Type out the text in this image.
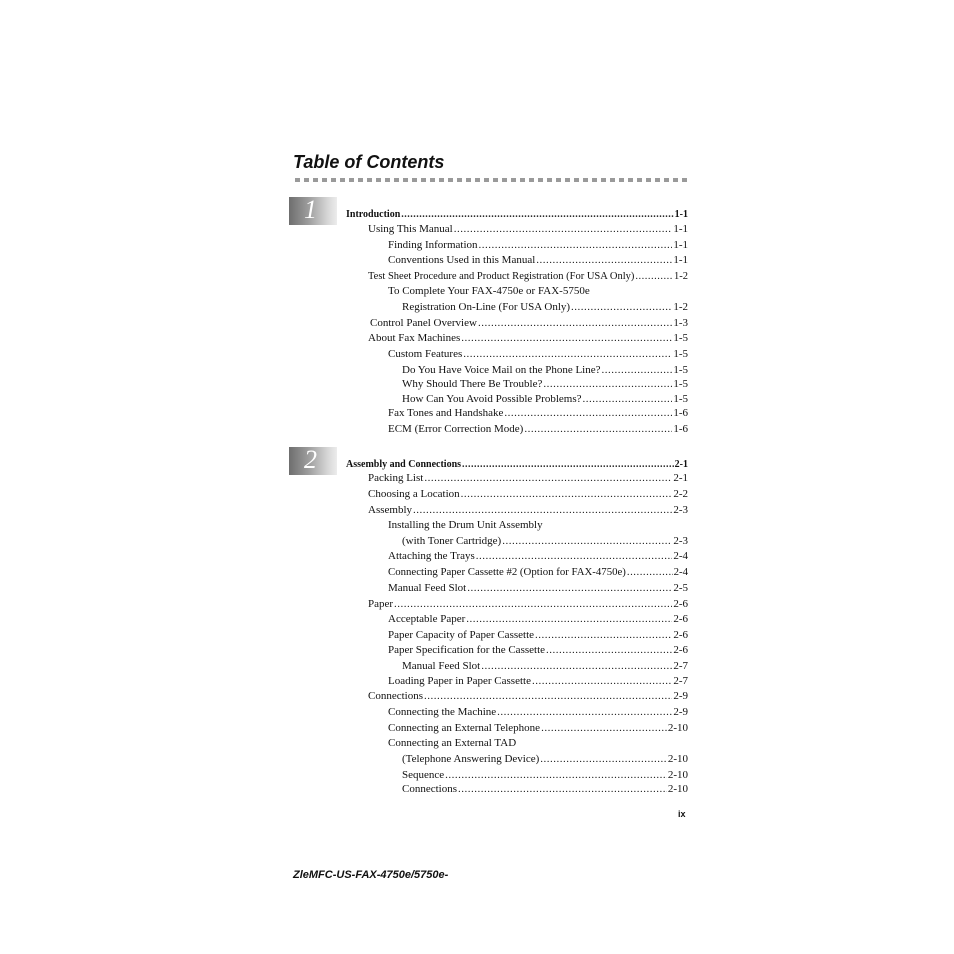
Table of Contents
1
2
Introduction .....	1-1
Using This Manual .....	1-1
Finding Information .....	1-1
Conventions Used in this Manual .....	1-1
Test Sheet Procedure and Product Registration (For USA Only) .....	1-2
To Complete Your FAX-4750e or FAX-5750e
Registration On-Line (For USA Only) .....	1-2
Control Panel Overview .....	1-3
About Fax Machines .....	1-5
Custom Features .....	1-5
Do You Have Voice Mail on the Phone Line? .....	1-5
Why Should There Be Trouble? .....	1-5
How Can You Avoid Possible Problems? .....	1-5
Fax Tones and Handshake .....	1-6
ECM (Error Correction Mode) .....	1-6
Assembly and Connections .....	2-1
Packing List .....	2-1
Choosing a Location .....	2-2
Assembly .....	2-3
Installing the Drum Unit Assembly
(with Toner Cartridge) .....	2-3
Attaching the Trays .....	2-4
Connecting Paper Cassette #2 (Option for FAX-4750e) .....	2-4
Manual Feed Slot .....	2-5
Paper .....	2-6
Acceptable Paper .....	2-6
Paper Capacity of Paper Cassette .....	2-6
Paper Specification for the Cassette .....	2-6
Manual Feed Slot .....	2-7
Loading Paper in Paper Cassette .....	2-7
Connections .....	2-9
Connecting the Machine .....	2-9
Connecting an External Telephone .....	2-10
Connecting an External TAD
(Telephone Answering Device) .....	2-10
Sequence .....	2-10
Connections .....	2-10
ix
ZleMFC-US-FAX-4750e/5750e-
